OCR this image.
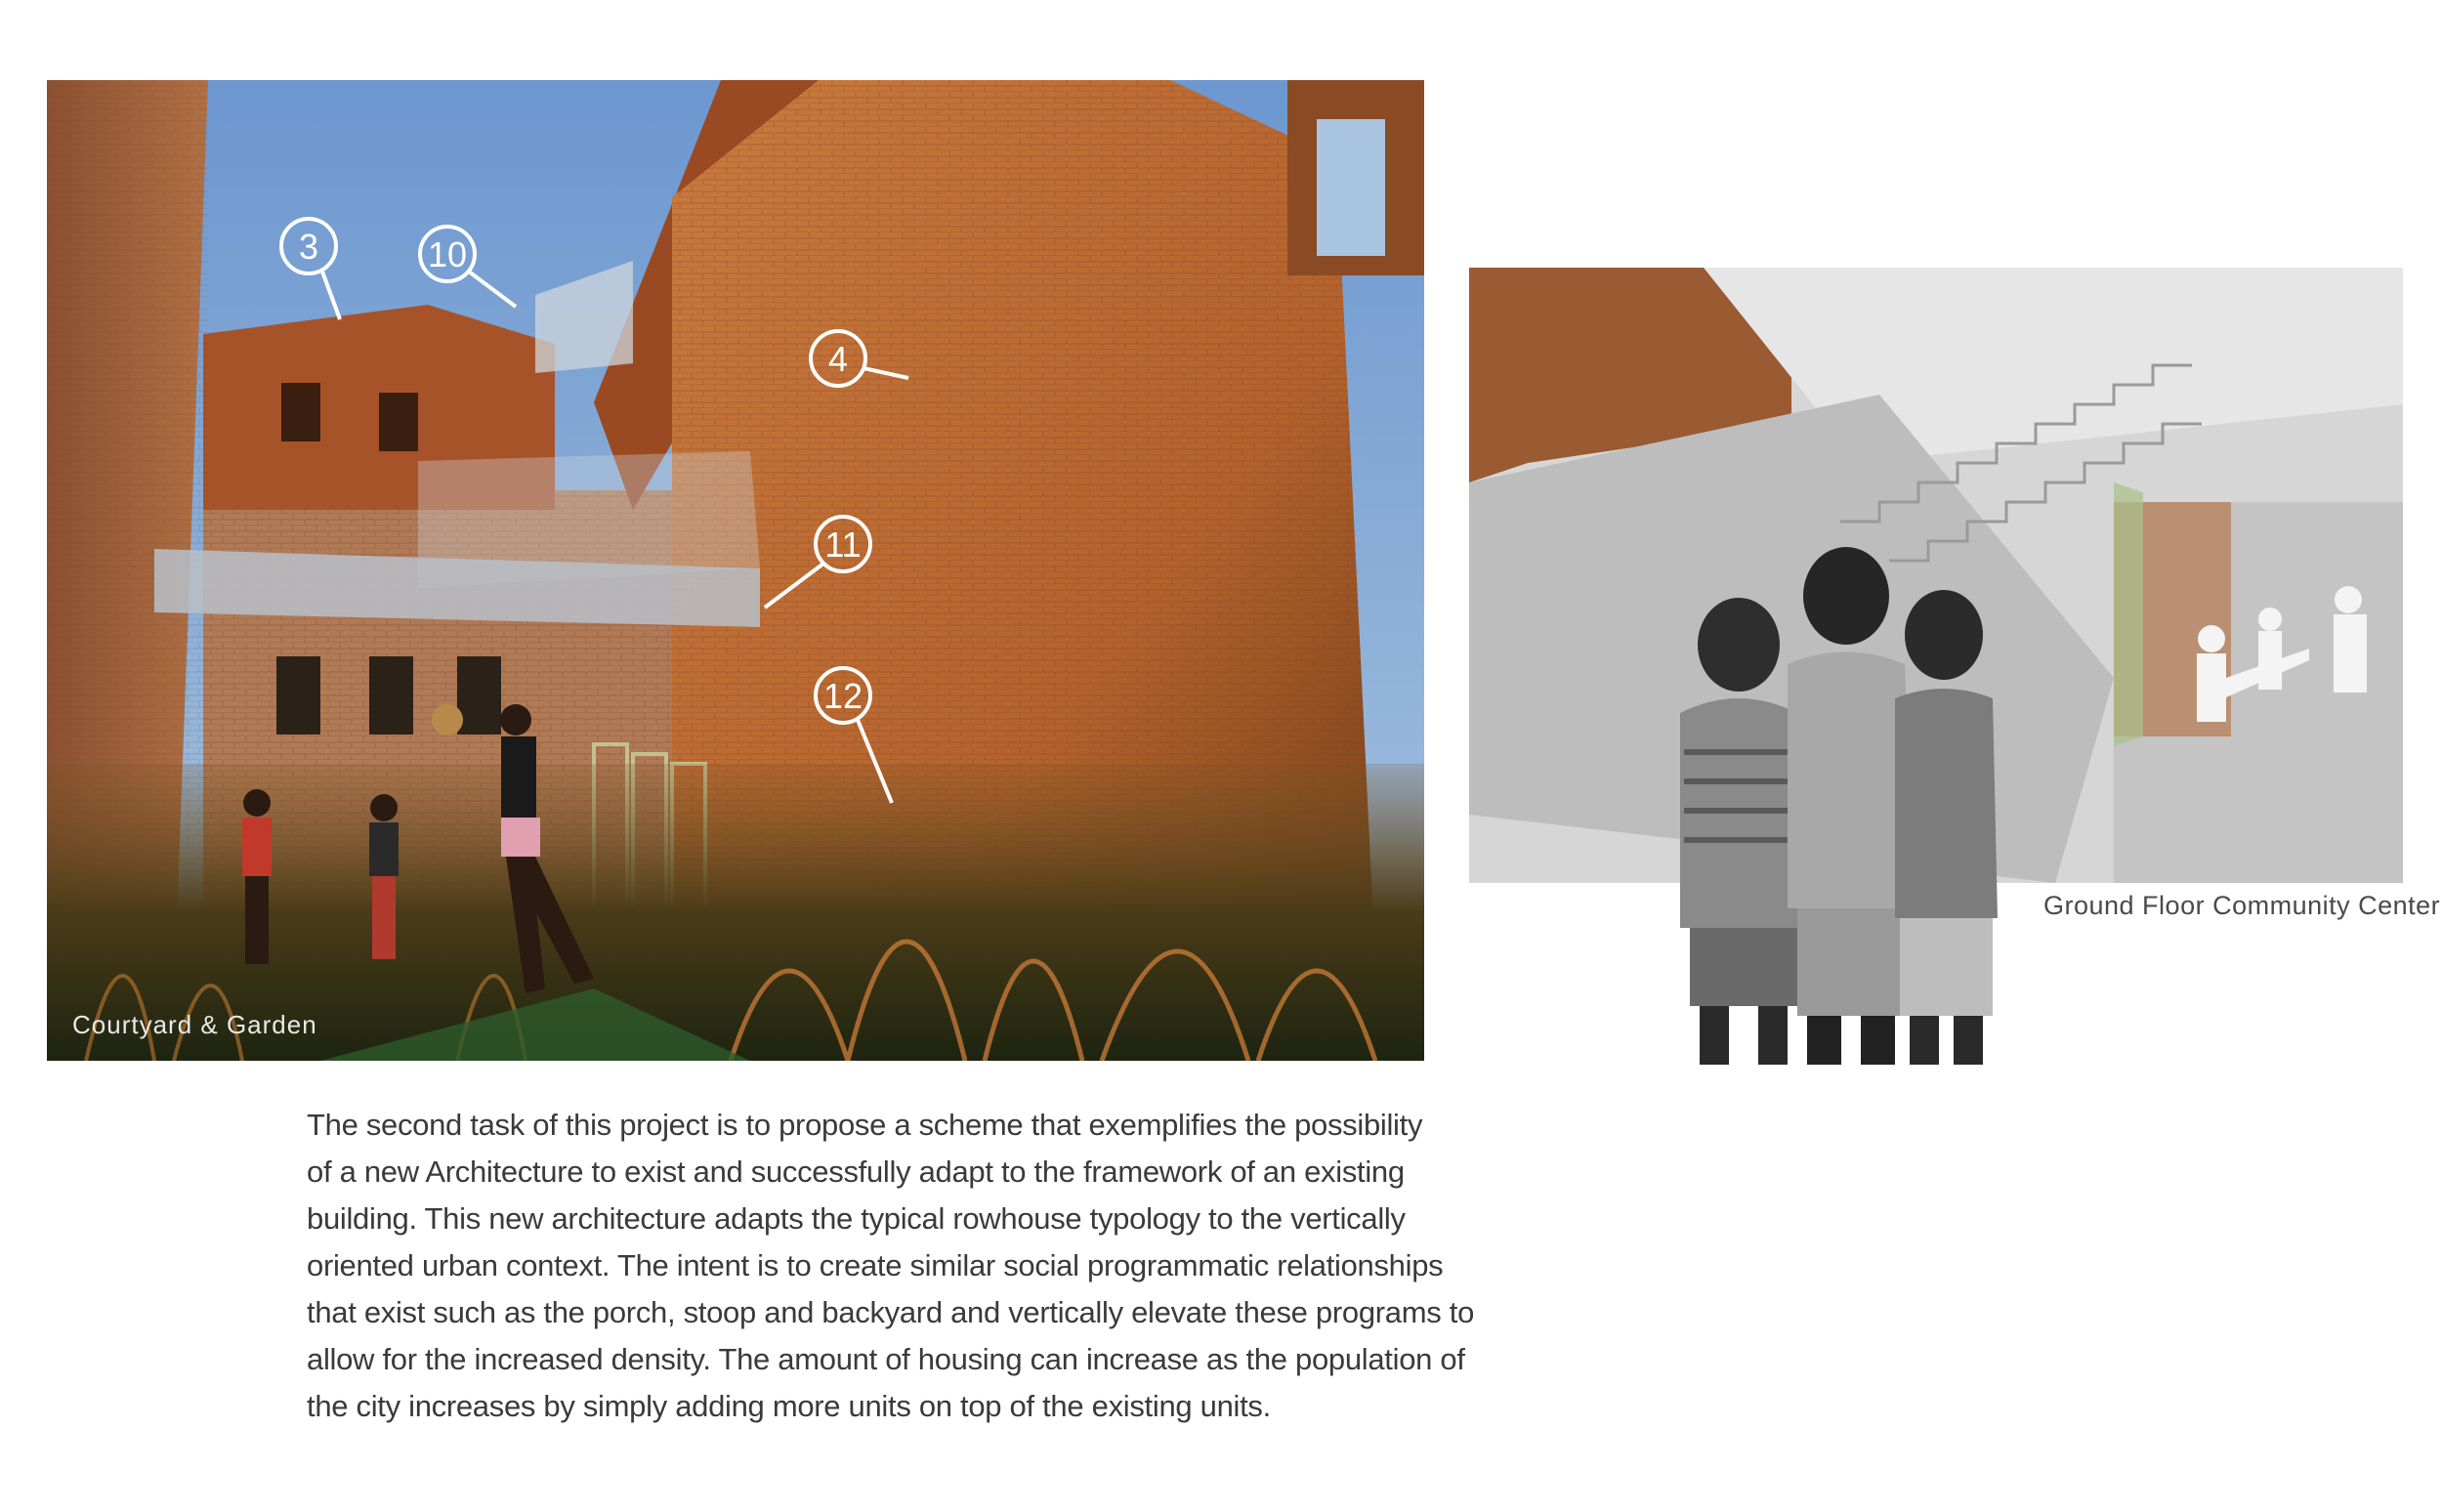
3	10
4
11
12
Courtyard & Garden
Ground Floor Community Center

The second task of this project is to propose a scheme that exemplifies the possibility

of a new Architecture to exist and successfully adapt to the framework of an existing

building. This new architecture adapts the typical rowhouse typology to the vertically

oriented urban context. The intent is to create similar social programmatic relationships

that exist such as the porch, stoop and backyard and vertically elevate these programs to

allow for the increased density. The amount of housing can increase as the population of

the city increases by simply adding more units on top of the existing units.
